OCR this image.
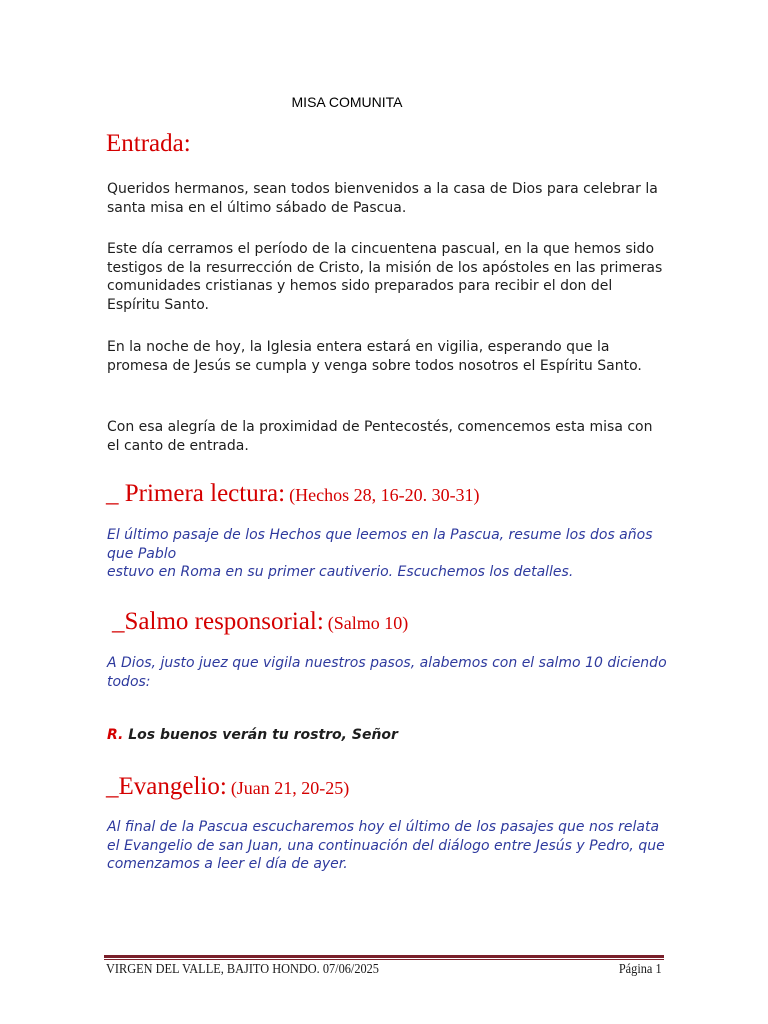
MISA COMUNITA
Entrada:

Queridos hermanos, sean todos bienvenidos a la casa de Dios para celebrar la santa misa en el último sábado de Pascua.

Este día cerramos el período de la cincuentena pascual, en la que hemos sido testigos de la resurrección de Cristo, la misión de los apóstoles en las primeras comunidades cristianas y hemos sido preparados para recibir el don del Espíritu Santo.

En la noche de hoy, la Iglesia entera estará en vigilia, esperando que la promesa de Jesús se cumpla y venga sobre todos nosotros el Espíritu Santo.

Con esa alegría de la proximidad de Pentecostés, comencemos esta misa con el canto de entrada.

_ Primera lectura: (Hechos 28, 16-20. 30-31)
El último pasaje de los Hechos que leemos en la Pascua, resume los dos años que Pablo
estuvo en Roma en su primer cautiverio. Escuchemos los detalles.
_Salmo responsorial: (Salmo 10)
A Dios, justo juez que vigila nuestros pasos, alabemos con el salmo 10 diciendo todos:
R. Los buenos verán tu rostro, Señor
_Evangelio: (Juan 21, 20-25)
Al final de la Pascua escucharemos hoy el último de los pasajes que nos relata el Evangelio de san Juan, una continuación del diálogo entre Jesús y Pedro, que comenzamos a leer el día de ayer.
VIRGEN DEL VALLE, BAJITO HONDO. 07/06/2025	Página 1
